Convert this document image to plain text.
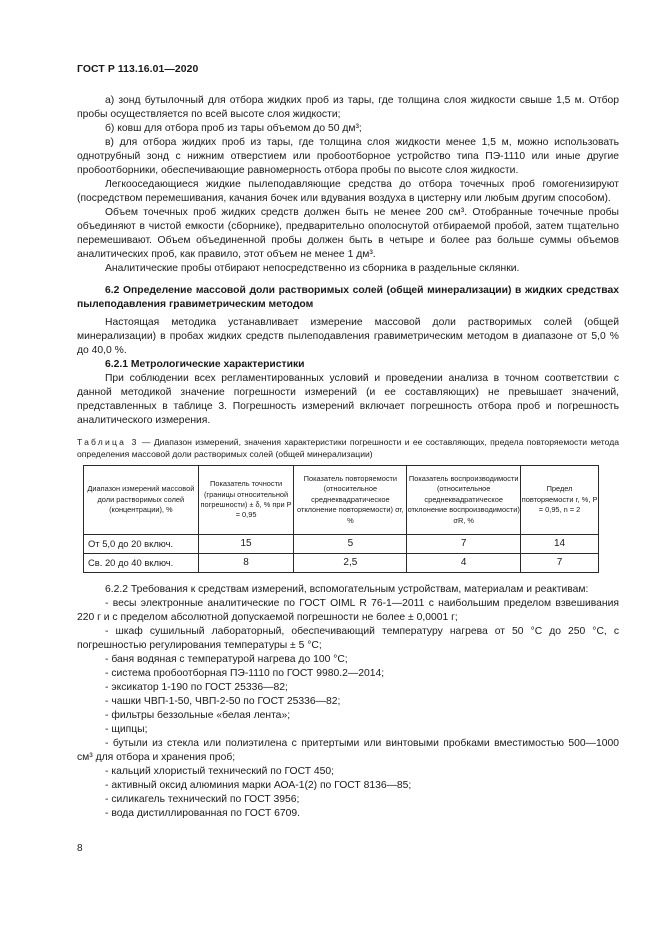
ГОСТ Р 113.16.01—2020

а) зонд бутылочный для отбора жидких проб из тары, где толщина слоя жидкости свыше 1,5 м. Отбор пробы осуществляется по всей высоте слоя жидкости;

б) ковш для отбора проб из тары объемом до 50 дм³;

в) для отбора жидких проб из тары, где толщина слоя жидкости менее 1,5 м, можно использовать однотрубный зонд с нижним отверстием или пробоотборное устройство типа ПЭ-1110 или иные другие пробоотборники, обеспечивающие равномерность отбора пробы по высоте слоя жидкости.

Легкооседающиеся жидкие пылеподавляющие средства до отбора точечных проб гомогенизируют (посредством перемешивания, качания бочек или вдувания воздуха в цистерну или любым другим способом).

Объем точечных проб жидких средств должен быть не менее 200 см³. Отобранные точечные пробы объединяют в чистой емкости (сборнике), предварительно ополоснутой отбираемой пробой, затем тщательно перемешивают. Объем объединенной пробы должен быть в четыре и более раз больше суммы объемов аналитических проб, как правило, этот объем не менее 1 дм³.

Аналитические пробы отбирают непосредственно из сборника в раздельные склянки.

6.2 Определение массовой доли растворимых солей (общей минерализации) в жидких средствах пылеподавления гравиметрическим методом

Настоящая методика устанавливает измерение массовой доли растворимых солей (общей минерализации) в пробах жидких средств пылеподавления гравиметрическим методом в диапазоне от 5,0 % до 40,0 %.

6.2.1 Метрологические характеристики

При соблюдении всех регламентированных условий и проведении анализа в точном соответствии с данной методикой значение погрешности измерений (и ее составляющих) не превышает значений, представленных в таблице 3. Погрешность измерений включает погрешность отбора проб и погрешность аналитического измерения.

Таблица 3 — Диапазон измерений, значения характеристики погрешности и ее составляющих, предела повторяемости метода определения массовой доли растворимых солей (общей минерализации)

Диапазон измерений массовой доли растворимых солей (концентрации), %	Показатель точности (границы относительной погрешности) ± δ, % при P = 0,95	Показатель повторяемости (относительное среднеквадратическое отклонение повторяемости) σr, %	Показатель воспроизводимости (относительное среднеквадратическое отклонение воспроизводимости) σR, %	Предел повторяемости r, %, P = 0,95, n = 2
От 5,0 до 20 включ.	15	5	7	14
Св. 20 до 40 включ.	8	2,5	4	7

6.2.2 Требования к средствам измерений, вспомогательным устройствам, материалам и реактивам:

- весы электронные аналитические по ГОСТ OIML R 76-1—2011 с наибольшим пределом взвешивания 220 г и с пределом абсолютной допускаемой погрешности не более ± 0,0001 г;
- шкаф сушильный лабораторный, обеспечивающий температуру нагрева от 50 °С до 250 °С, с погрешностью регулирования температуры ± 5 °С;
- баня водяная с температурой нагрева до 100 °С;
- система пробоотборная ПЭ-1110 по ГОСТ 9980.2—2014;
- эксикатор 1-190 по ГОСТ 25336—82;
- чашки ЧВП-1-50, ЧВП-2-50 по ГОСТ 25336—82;
- фильтры беззольные «белая лента»;
- щипцы;
- бутыли из стекла или полиэтилена с притертыми или винтовыми пробками вместимостью 500—1000 см³ для отбора и хранения проб;
- кальций хлористый технический по ГОСТ 450;
- активный оксид алюминия марки АОА-1(2) по ГОСТ 8136—85;
- силикагель технический по ГОСТ 3956;
- вода дистиллированная по ГОСТ 6709.
8
